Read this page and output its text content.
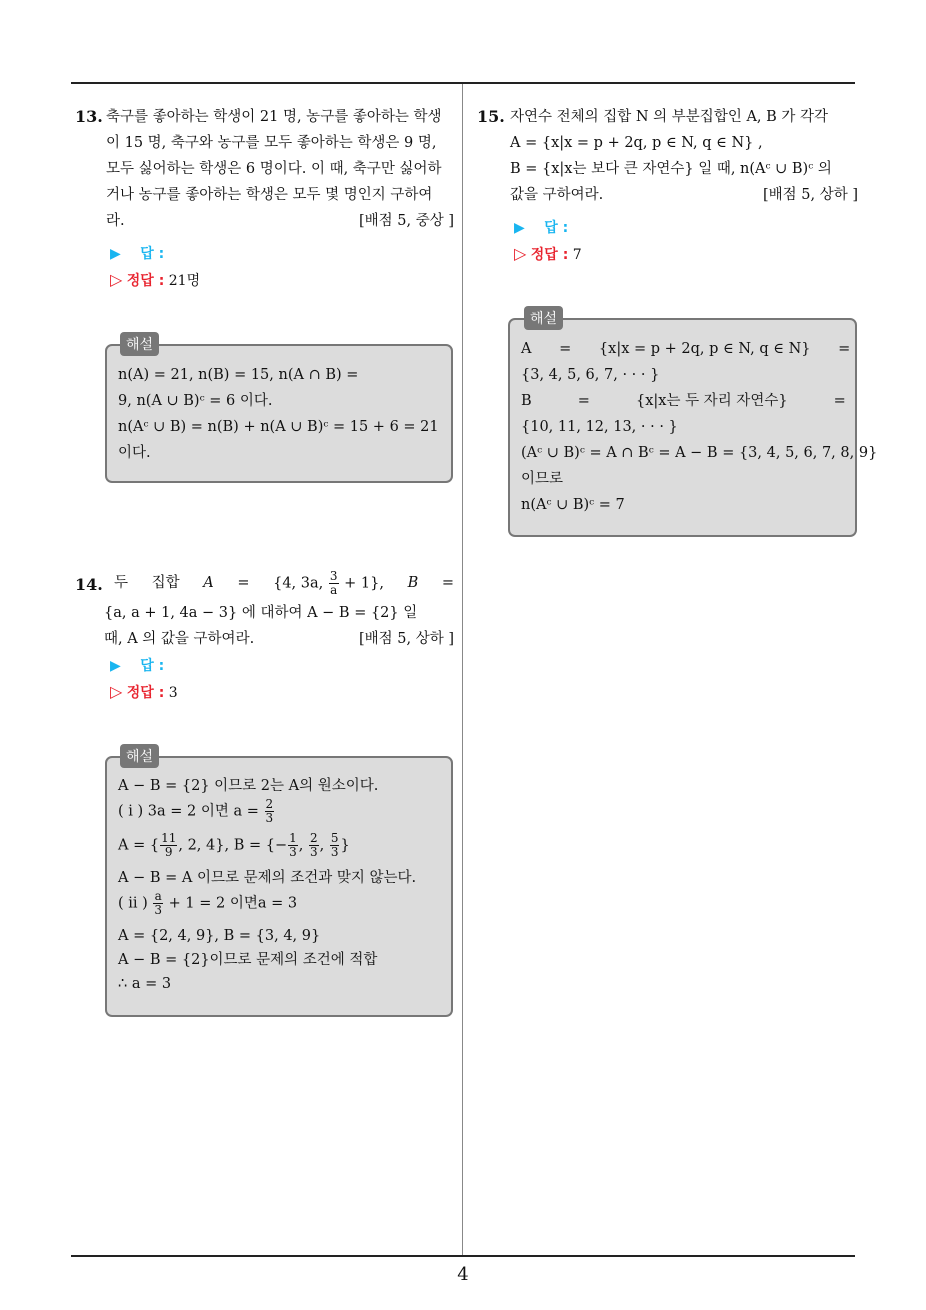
4
13. 축구를 좋아하는 학생이 21 명, 농구를 좋아하는 학생
이 15 명, 축구와 농구를 모두 좋아하는 학생은 9 명,
모두 싫어하는 학생은 6 명이다. 이 때, 축구만 싫어하
거나 농구를 좋아하는 학생은 모두 몇 명인지 구하여
라.	[배점 5, 중상 ]
▶ 답 :
▷ 정답 : 21명
해설
n(A) = 21, n(B) = 15, n(A ∩ B) =
9, n(A ∪ B)ᶜ = 6 이다.
n(Aᶜ ∪ B) = n(B) + n(A ∪ B)ᶜ = 15 + 6 = 21
이다.
14. 두 집합 A = {4, 3a, $\frac{3}{a} + 1$}, B =
{a, a + 1, 4a − 3} 에 대하여 A − B = {2} 일
때, A 의 값을 구하여라.	[배점 5, 상하 ]
▶ 답 :
▷ 정답 : 3
해설
A − B = {2} 이므로 2는 A의 원소이다.
( i ) 3a = 2 이면 $a = \frac{2}{3}$
A = { $\frac{11}{9}$ , 2, 4}, B = {− $\frac{1}{3}$ , $\frac{2}{3}$ , $\frac{5}{3}$ }
A − B = A 이므로 문제의 조건과 맞지 않는다.
( ii ) $\frac{a}{3} + 1 = 2$ 이면a = 3
A = {2, 4, 9}, B = {3, 4, 9}
A − B = {2}이므로 문제의 조건에 적합
∴ a = 3
15. 자연수 전체의 집합 N 의 부분집합인 A, B 가 각각
A = {x|x = p + 2q, p ∈ N, q ∈ N} ,
B = {x|x는 보다 큰 자연수} 일 때, n(Aᶜ ∪ B)ᶜ 의
값을 구하여라.	[배점 5, 상하 ]
▶ 답 :
▷ 정답 : 7
해설
A      =      {x|x = p + 2q, p ∈ N, q ∈ N}      =
{3, 4, 5, 6, 7, · · · }
B          =          {x|x는 두 자리 자연수}          =
{10, 11, 12, 13, · · · }
(Aᶜ ∪ B)ᶜ = A ∩ Bᶜ = A − B = {3, 4, 5, 6, 7, 8, 9}
이므로
n(Aᶜ ∪ B)ᶜ = 7
